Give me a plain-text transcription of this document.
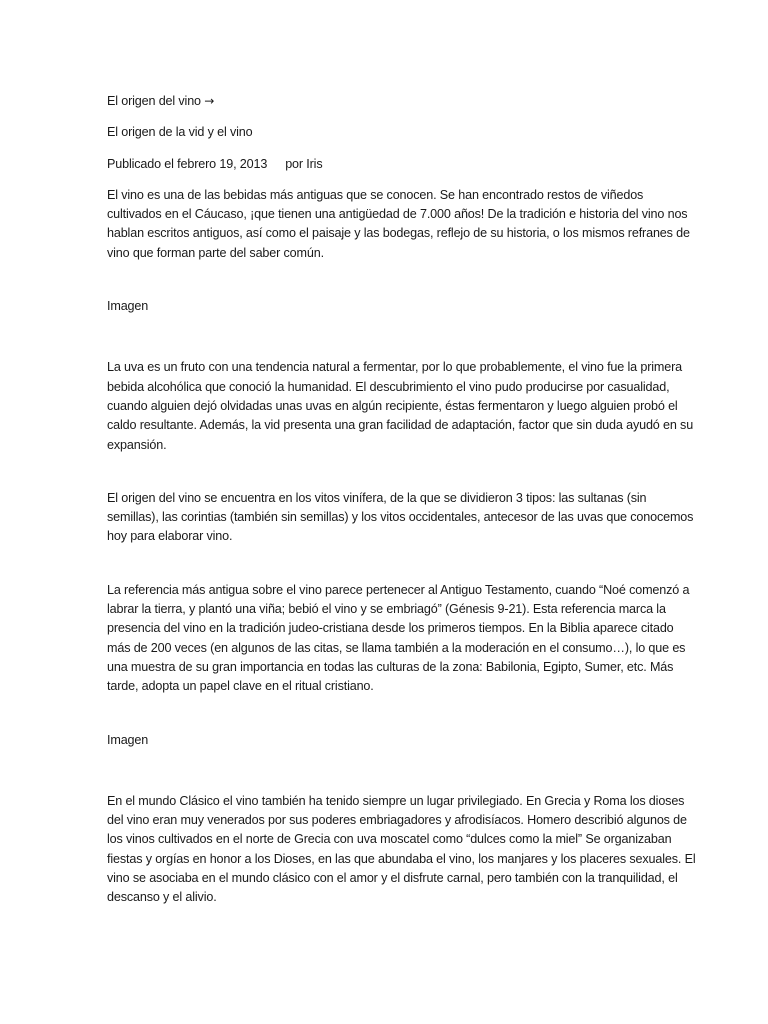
El origen del vino →

El origen de la vid y el vino

Publicado el febrero 19, 2013 por Iris

El vino es una de las bebidas más antiguas que se conocen. Se han encontrado restos de viñedos cultivados en el Cáucaso, ¡que tienen una antigüedad de 7.000 años! De la tradición e historia del vino nos hablan escritos antiguos, así como el paisaje y las bodegas, reflejo de su historia, o los mismos refranes de vino que forman parte del saber común.

Imagen

La uva es un fruto con una tendencia natural a fermentar, por lo que probablemente, el vino fue la primera bebida alcohólica que conoció la humanidad. El descubrimiento el vino pudo producirse por casualidad, cuando alguien dejó olvidadas unas uvas en algún recipiente, éstas fermentaron y luego alguien probó el caldo resultante. Además, la vid presenta una gran facilidad de adaptación, factor que sin duda ayudó en su expansión.

El origen del vino se encuentra en los vitos vinífera, de la que se dividieron 3 tipos: las sultanas (sin semillas), las corintias (también sin semillas) y los vitos occidentales, antecesor de las uvas que conocemos hoy para elaborar vino.

La referencia más antigua sobre el vino parece pertenecer al Antiguo Testamento, cuando “Noé comenzó a labrar la tierra, y plantó una viña; bebió el vino y se embriagó” (Génesis 9-21). Esta referencia marca la presencia del vino en la tradición judeo-cristiana desde los primeros tiempos. En la Biblia aparece citado más de 200 veces (en algunos de las citas, se llama también a la moderación en el consumo…), lo que es una muestra de su gran importancia en todas las culturas de la zona: Babilonia, Egipto, Sumer, etc. Más tarde, adopta un papel clave en el ritual cristiano.

Imagen

En el mundo Clásico el vino también ha tenido siempre un lugar privilegiado. En Grecia y Roma los dioses del vino eran muy venerados por sus poderes embriagadores y afrodisíacos. Homero describió algunos de los vinos cultivados en el norte de Grecia con uva moscatel como “dulces como la miel” Se organizaban fiestas y orgías en honor a los Dioses, en las que abundaba el vino, los manjares y los placeres sexuales. El vino se asociaba en el mundo clásico con el amor y el disfrute carnal, pero también con la tranquilidad, el descanso y el alivio.
